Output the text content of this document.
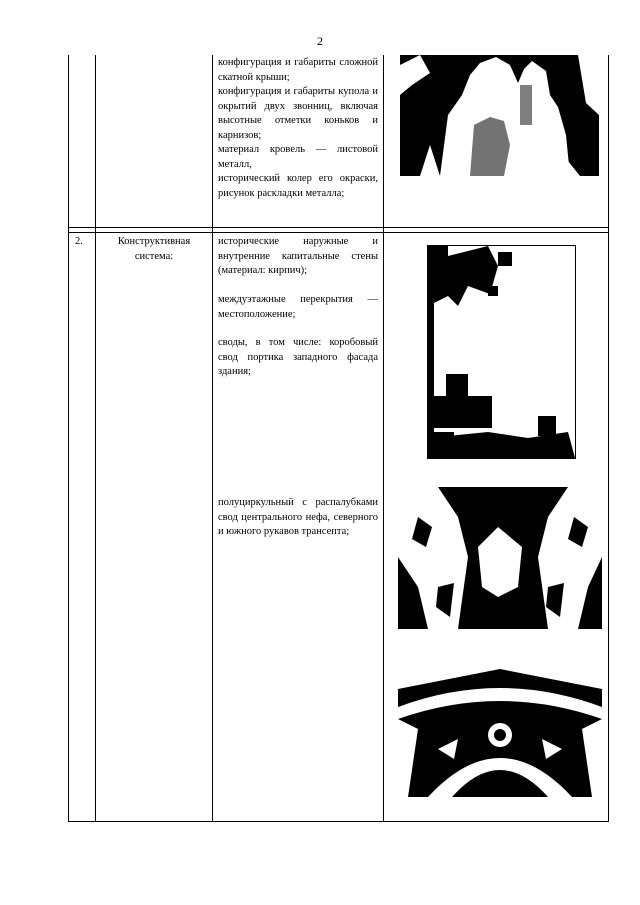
2

конфигурация и габариты сложной скатной крыши;

конфигурация и габариты купола и окрытий двух звонниц, включая высотные отметки коньков и карнизов;

материал кровель — листовой металл,

исторический колер его окраски, рисунок раскладки металла;

2.	Конструктивная система:
исторические наружные и внутренние капитальные стены (материал: кирпич);
междуэтажные перекрытия — местоположение;
своды, в том числе: коробовый свод портика западного фасада здания;
полуциркульный с распалубками свод центрального нефа, северного и южного рукавов трансепта;
